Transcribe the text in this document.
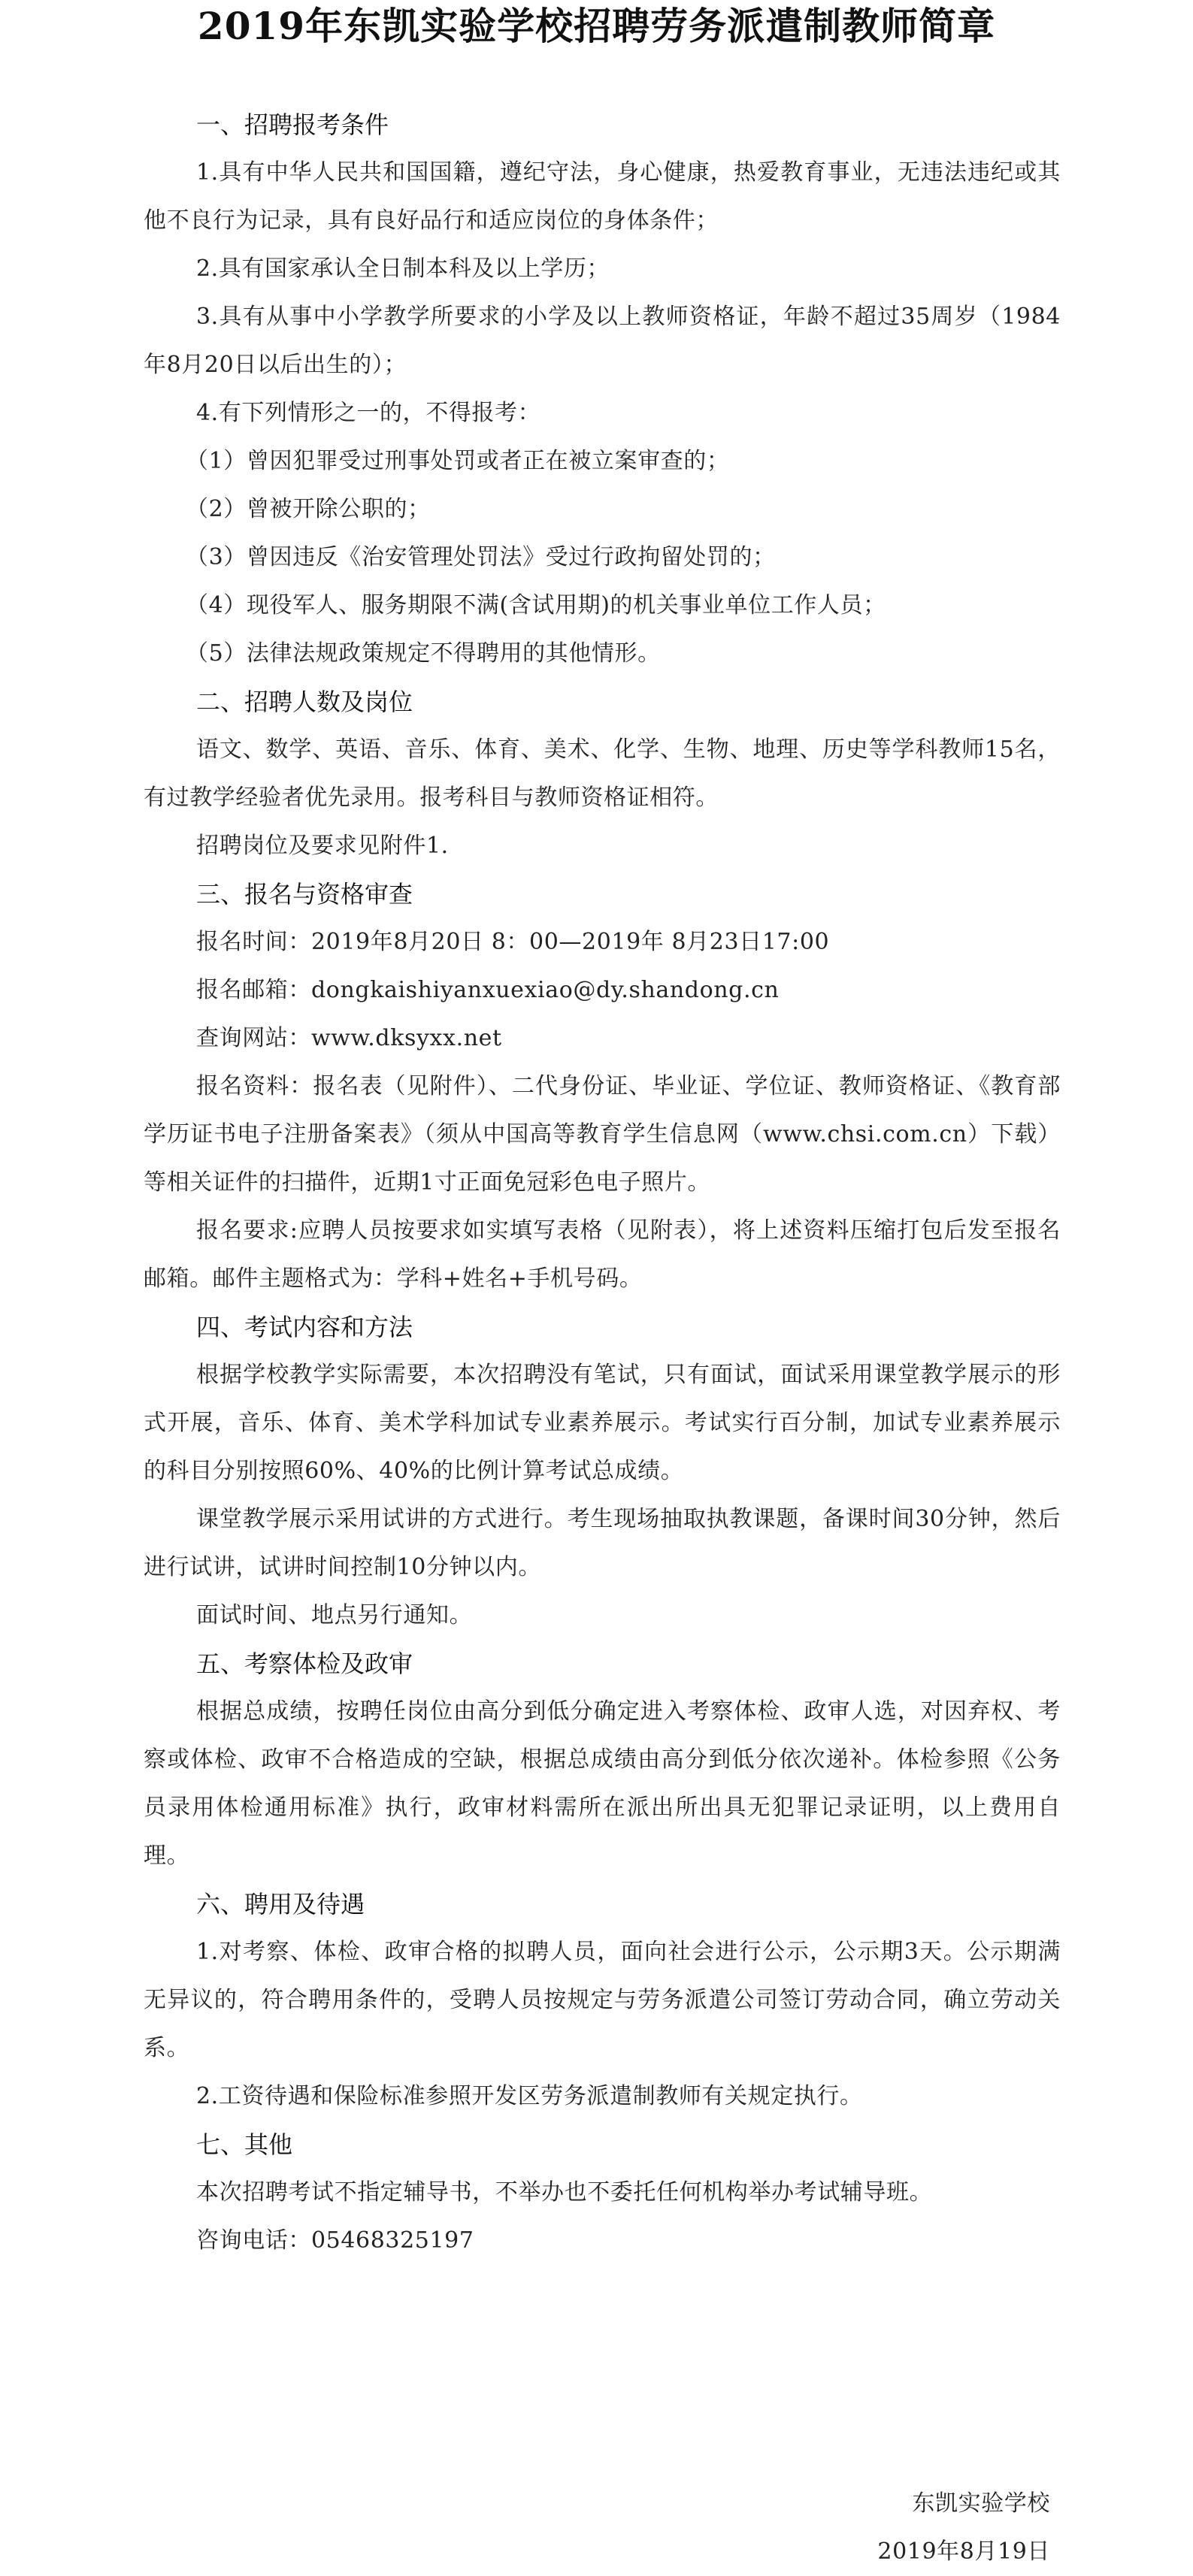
2019年东凯实验学校招聘劳务派遣制教师简章
一、招聘报考条件

1.具有中华人民共和国国籍，遵纪守法，身心健康，热爱教育事业，无违法违纪或其他不良行为记录，具有良好品行和适应岗位的身体条件；

2.具有国家承认全日制本科及以上学历；

3.具有从事中小学教学所要求的小学及以上教师资格证，年龄不超过35周岁（1984年8月20日以后出生的）；

4.有下列情形之一的，不得报考：

（1）曾因犯罪受过刑事处罚或者正在被立案审查的；

（2）曾被开除公职的；

（3）曾因违反《治安管理处罚法》受过行政拘留处罚的；

（4）现役军人、服务期限不满(含试用期)的机关事业单位工作人员；

（5）法律法规政策规定不得聘用的其他情形。

二、招聘人数及岗位

语文、数学、英语、音乐、体育、美术、化学、生物、地理、历史等学科教师15名，有过教学经验者优先录用。报考科目与教师资格证相符。

招聘岗位及要求见附件1.

三、报名与资格审查

报名时间：2019年8月20日 8：00—2019年 8月23日17:00

报名邮箱：dongkaishiyanxuexiao@dy.shandong.cn

查询网站：www.dksyxx.net

报名资料：报名表（见附件）、二代身份证、毕业证、学位证、教师资格证、《教育部学历证书电子注册备案表》（须从中国高等教育学生信息网（www.chsi.com.cn）下载）等相关证件的扫描件，近期1寸正面免冠彩色电子照片。

报名要求:应聘人员按要求如实填写表格（见附表），将上述资料压缩打包后发至报名邮箱。邮件主题格式为：学科+姓名+手机号码。

四、考试内容和方法

根据学校教学实际需要，本次招聘没有笔试，只有面试，面试采用课堂教学展示的形式开展，音乐、体育、美术学科加试专业素养展示。考试实行百分制，加试专业素养展示的科目分别按照60%、40%的比例计算考试总成绩。

课堂教学展示采用试讲的方式进行。考生现场抽取执教课题，备课时间30分钟，然后进行试讲，试讲时间控制10分钟以内。

面试时间、地点另行通知。

五、考察体检及政审

根据总成绩，按聘任岗位由高分到低分确定进入考察体检、政审人选，对因弃权、考察或体检、政审不合格造成的空缺，根据总成绩由高分到低分依次递补。体检参照《公务员录用体检通用标准》执行，政审材料需所在派出所出具无犯罪记录证明，以上费用自理。

六、聘用及待遇

1.对考察、体检、政审合格的拟聘人员，面向社会进行公示，公示期3天。公示期满无异议的，符合聘用条件的，受聘人员按规定与劳务派遣公司签订劳动合同，确立劳动关系。

2.工资待遇和保险标准参照开发区劳务派遣制教师有关规定执行。

七、其他

本次招聘考试不指定辅导书，不举办也不委托任何机构举办考试辅导班。

咨询电话：05468325197

东凯实验学校
2019年8月19日
